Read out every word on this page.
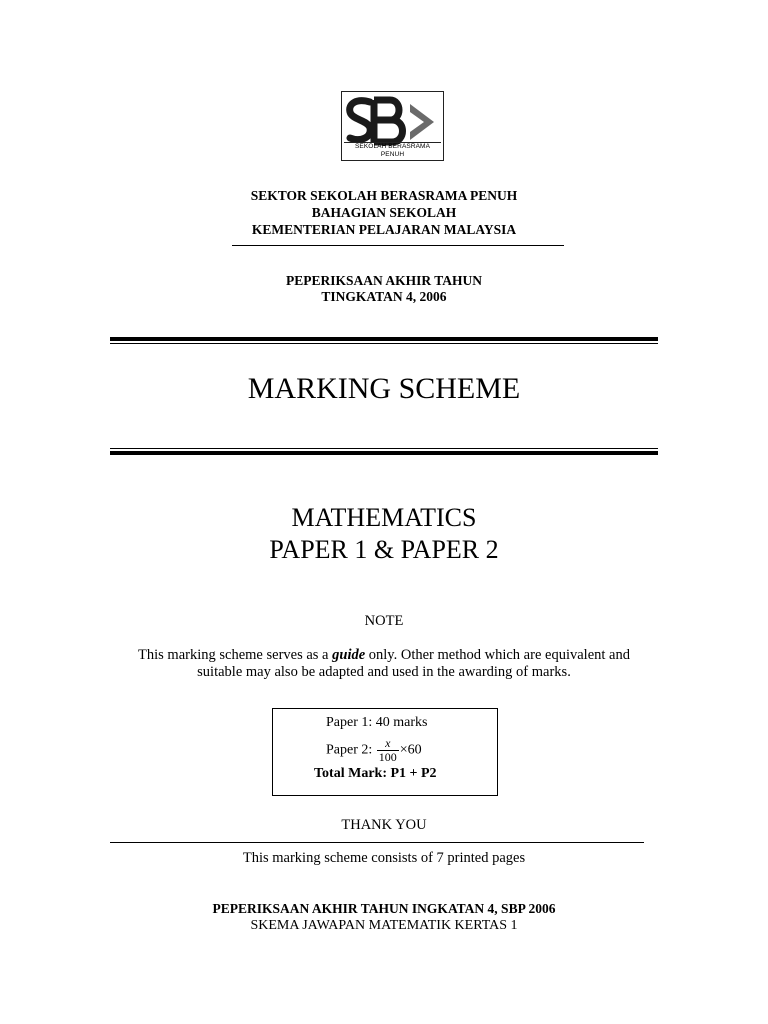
SEKOLAH BERASRAMA PENUH
SEKTOR SEKOLAH BERASRAMA PENUH
BAHAGIAN SEKOLAH
KEMENTERIAN PELAJARAN MALAYSIA
PEPERIKSAAN AKHIR TAHUN
TINGKATAN 4, 2006
MARKING SCHEME
MATHEMATICS
PAPER 1 & PAPER 2
NOTE
This marking scheme serves as a guide only. Other method which are equivalent and
suitable may also be adapted and used in the awarding of marks.
Paper 1: 40 marks
Paper 2: $\frac{x}{100} \times 60$
Total Mark: P1 + P2
THANK YOU
This marking scheme consists of 7 printed pages
PEPERIKSAAN AKHIR TAHUN INGKATAN 4, SBP 2006
SKEMA JAWAPAN MATEMATIK KERTAS 1
